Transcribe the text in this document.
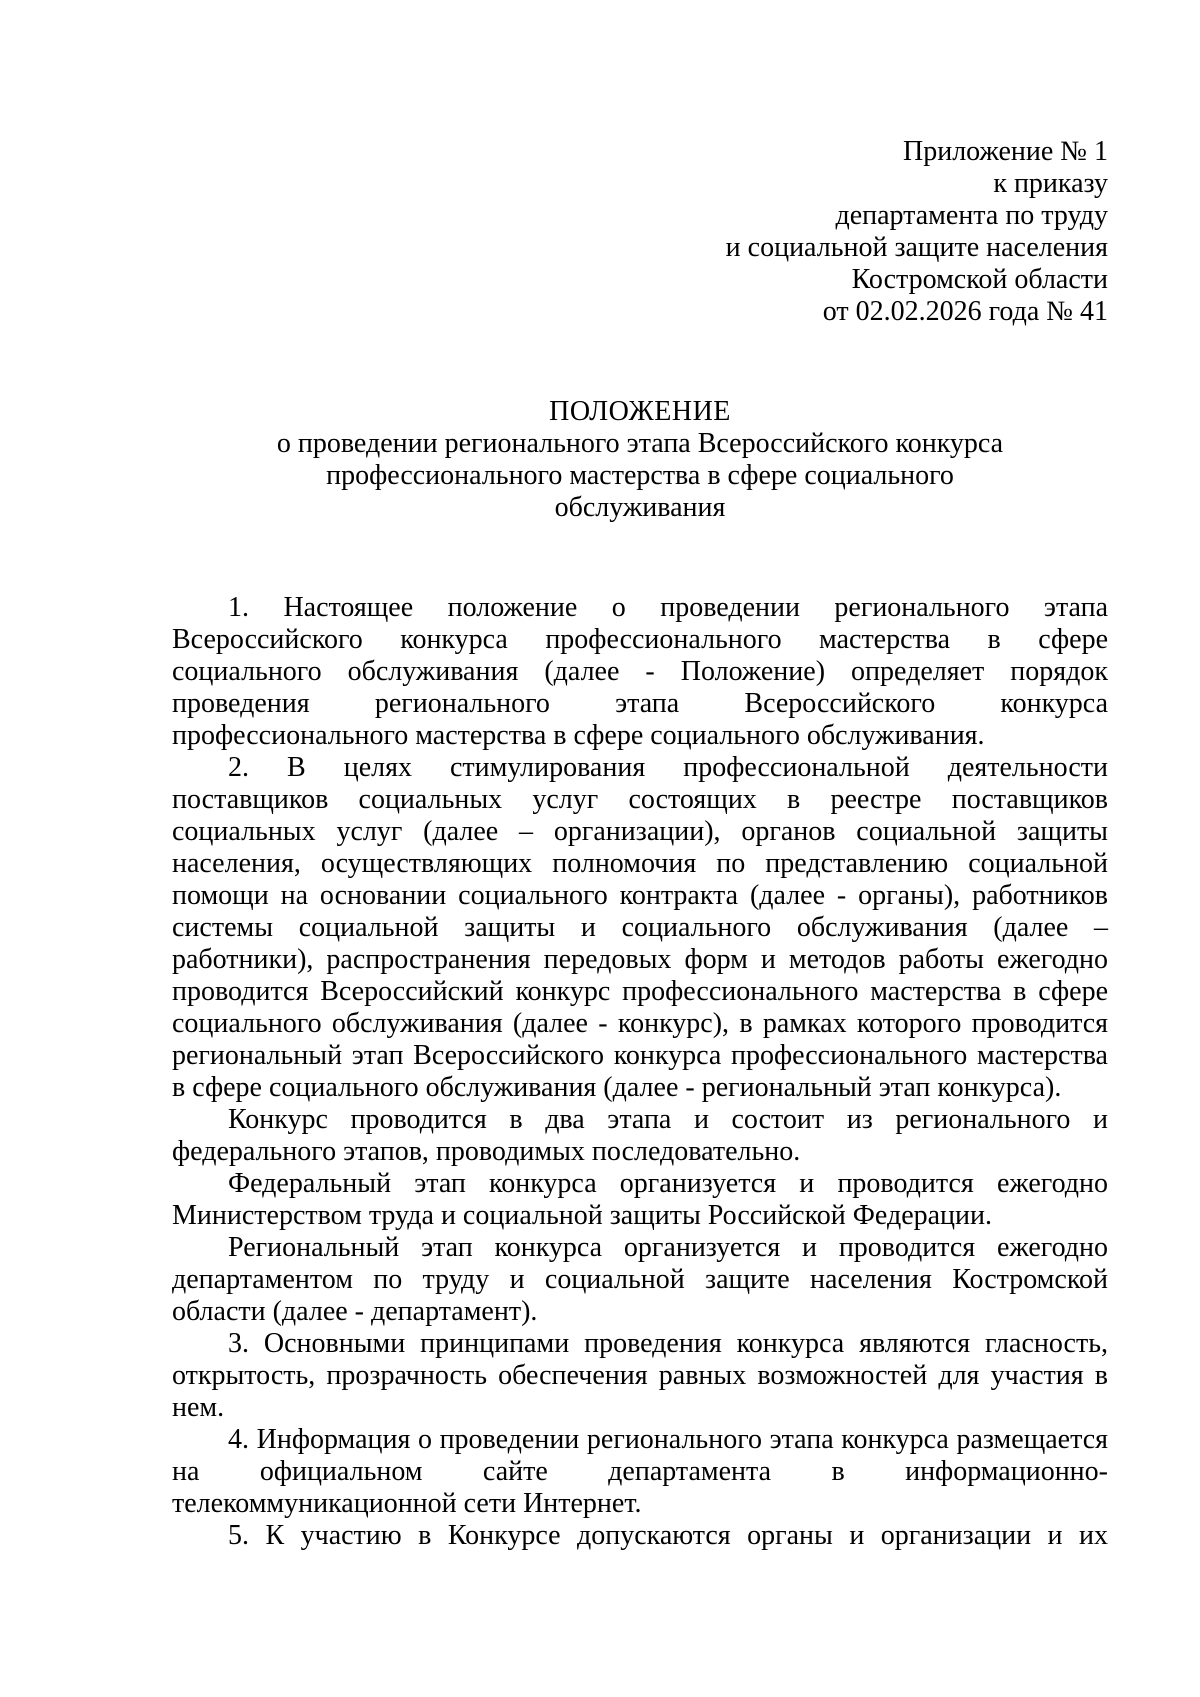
Приложение № 1
к приказу
департамента по труду
и социальной защите населения
Костромской области
от 02.02.2026 года № 41
ПОЛОЖЕНИЕ
о проведении регионального этапа Всероссийского конкурса
профессионального мастерства в сфере социального
обслуживания

1. Настоящее положение о проведении регионального этапа Всероссийского конкурса профессионального мастерства в сфере социального обслуживания (далее - Положение) определяет порядок проведения регионального этапа Всероссийского конкурса профессионального мастерства в сфере социального обслуживания.

2. В целях стимулирования профессиональной деятельности поставщиков социальных услуг состоящих в реестре поставщиков социальных услуг (далее – организации), органов социальной защиты населения, осуществляющих полномочия по представлению социальной помощи на основании социального контракта (далее - органы), работников системы социальной защиты и социального обслуживания (далее – работники), распространения передовых форм и методов работы ежегодно проводится Всероссийский конкурс профессионального мастерства в сфере социального обслуживания (далее - конкурс), в рамках которого проводится региональный этап Всероссийского конкурса профессионального мастерства в сфере социального обслуживания (далее - региональный этап конкурса).

Конкурс проводится в два этапа и состоит из регионального и федерального этапов, проводимых последовательно.

Федеральный этап конкурса организуется и проводится ежегодно Министерством труда и социальной защиты Российской Федерации.

Региональный этап конкурса организуется и проводится ежегодно департаментом по труду и социальной защите населения Костромской области (далее - департамент).

3. Основными принципами проведения конкурса являются гласность, открытость, прозрачность обеспечения равных возможностей для участия в нем.

4. Информация о проведении регионального этапа конкурса размещается на официальном сайте департамента в информационно-телекоммуникационной сети Интернет.

5. К участию в Конкурсе допускаются органы и организации и их
